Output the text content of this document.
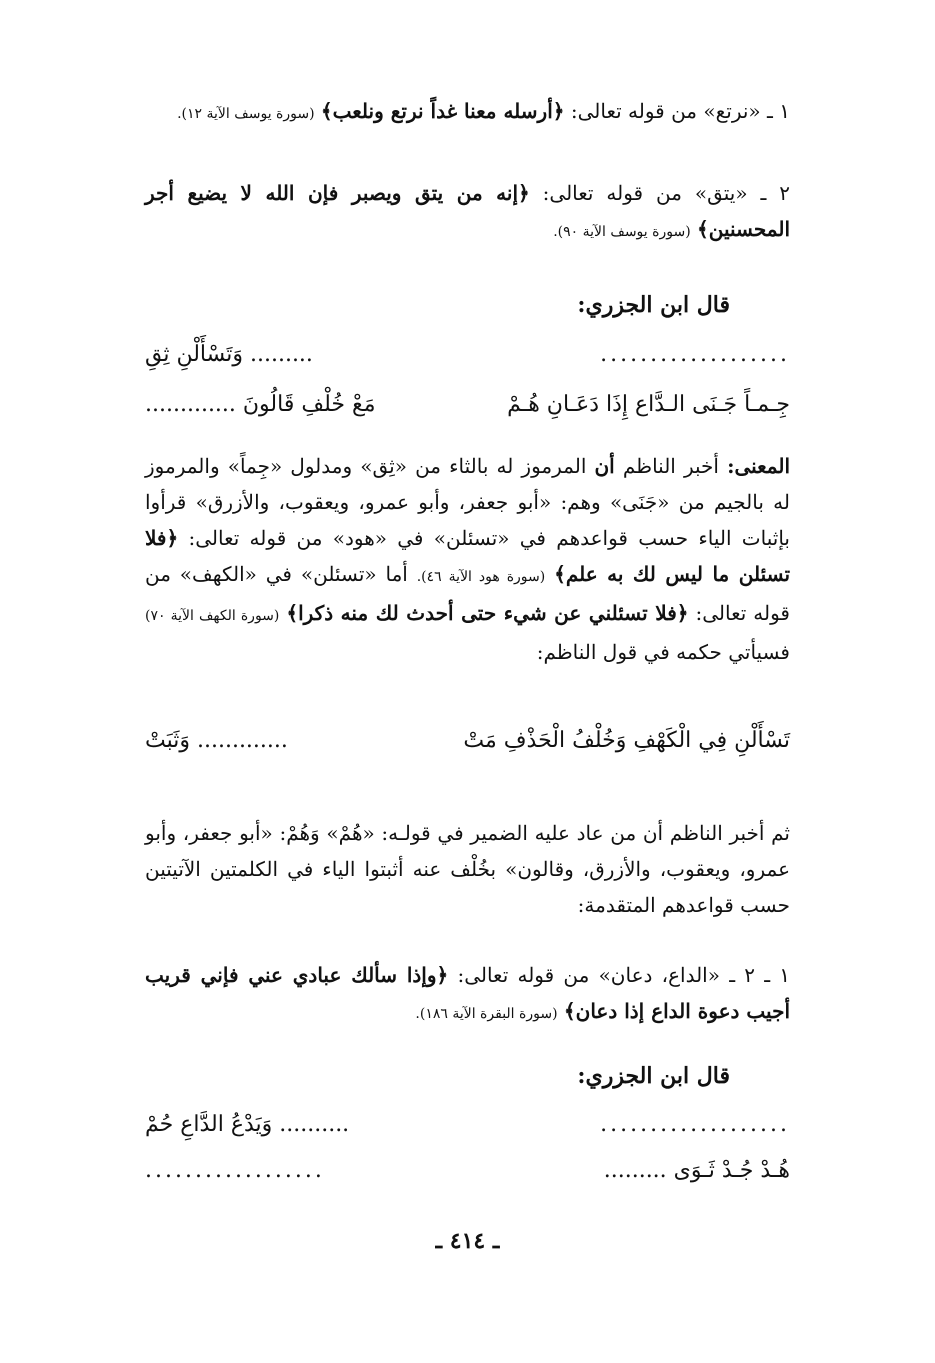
١ ـ «نرتع» من قوله تعالى: ﴿أرسله معنا غداً نرتع ونلعب﴾ (سورة يوسف الآية ١٢).

٢ ـ «يتق» من قوله تعالى: ﴿إنه من يتق ويصبر فإن الله لا يضيع أجر المحسنين﴾ (سورة يوسف الآية ٩٠).

قال ابن الجزري:
...................
......... وَتَسْأَلْنِ ثِقِ
جِـمـاً جَـنَى الـدَّاع إِذَا دَعَـانِ هُـمْ
مَعْ خُلْفِ قَالُونَ .............

المعنى: أخبر الناظم أن المرموز له بالثاء من «ثِق» ومدلول «جِماً» والمرموز له بالجيم من «جَنَى» وهم: «أبو جعفر، وأبو عمرو، ويعقوب، والأزرق» قرأوا بإثبات الياء حسب قواعدهم في «تسئلن» في «هود» من قوله تعالى: ﴿فلا تسئلن ما ليس لك به علم﴾ (سورة هود الآية ٤٦). أما «تسئلن» في «الكهف» من قوله تعالى: ﴿فلا تسئلني عن شيء حتى أحدث لك منه ذكرا﴾ (سورة الكهف الآية ٧٠) فسيأتي حكمه في قول الناظم:

تَسْأَلْنِ فِي الْكَهْفِ وَخُلْفُ الْحَذْفِ مَتْ
............. وَثَبَتْ

ثم أخبر الناظم أن من عاد عليه الضمير في قولـه: «هُمْ» وَهُمْ: «أبو جعفر، وأبو عمرو، ويعقوب، والأزرق، وقالون» بخُلْف عنه أثبتوا الياء في الكلمتين الآتيتين حسب قواعدهم المتقدمة:

١ ـ ٢ ـ «الداع، دعان» من قوله تعالى: ﴿وإذا سألك عبادي عني فإني قريب أجيب دعوة الداع إذا دعان﴾ (سورة البقرة الآية ١٨٦).

قال ابن الجزري:
...................
.......... وَيَدْعُ الدَّاعِ حُمْ
هُـدْ جُـدْ ثَـوَى .........
..................
ـ ٤١٤ ـ
